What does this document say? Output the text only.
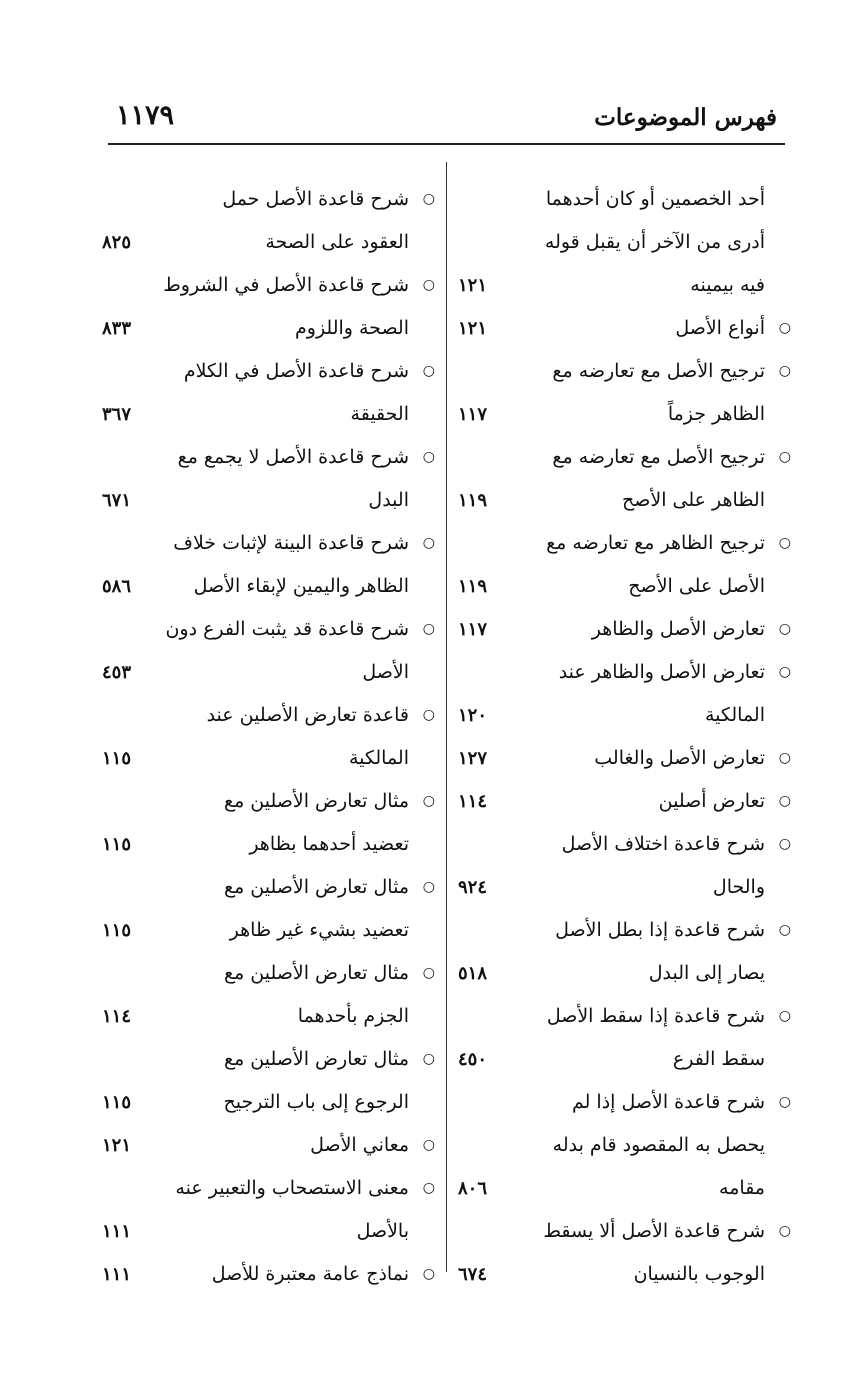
١١٧٩	فهرس الموضوعات
أحد الخصمين أو كان أحدهما
أدرى من الآخر أن يقبل قوله
فيه بيمينه
١٢١
○
أنواع الأصل
١٢١
○
ترجيح الأصل مع تعارضه مع
الظاهر جزماً
١١٧
○
ترجيح الأصل مع تعارضه مع
الظاهر على الأصح
١١٩
○
ترجيح الظاهر مع تعارضه مع
الأصل على الأصح
١١٩
○
تعارض الأصل والظاهر
١١٧
○
تعارض الأصل والظاهر عند
المالكية
١٢٠
○
تعارض الأصل والغالب
١٢٧
○
تعارض أصلين
١١٤
○
شرح قاعدة اختلاف الأصل
والحال
٩٢٤
○
شرح قاعدة إذا بطل الأصل
يصار إلى البدل
٥١٨
○
شرح قاعدة إذا سقط الأصل
سقط الفرع
٤٥٠
○
شرح قاعدة الأصل إذا لم
يحصل به المقصود قام بدله
مقامه
٨٠٦
○
شرح قاعدة الأصل ألا يسقط
الوجوب بالنسيان
٦٧٤
○
شرح قاعدة الأصل حمل
العقود على الصحة
٨٢٥
○
شرح قاعدة الأصل في الشروط
الصحة واللزوم
٨٣٣
○
شرح قاعدة الأصل في الكلام
الحقيقة
٣٦٧
○
شرح قاعدة الأصل لا يجمع مع
البدل
٦٧١
○
شرح قاعدة البينة لإثبات خلاف
الظاهر واليمين لإبقاء الأصل
٥٨٦
○
شرح قاعدة قد يثبت الفرع دون
الأصل
٤٥٣
○
قاعدة تعارض الأصلين عند
المالكية
١١٥
○
مثال تعارض الأصلين مع
تعضيد أحدهما بظاهر
١١٥
○
مثال تعارض الأصلين مع
تعضيد بشيء غير ظاهر
١١٥
○
مثال تعارض الأصلين مع
الجزم بأحدهما
١١٤
○
مثال تعارض الأصلين مع
الرجوع إلى باب الترجيح
١١٥
○
معاني الأصل
١٢١
○
معنى الاستصحاب والتعبير عنه
بالأصل
١١١
○
نماذج عامة معتبرة للأصل
١١١
